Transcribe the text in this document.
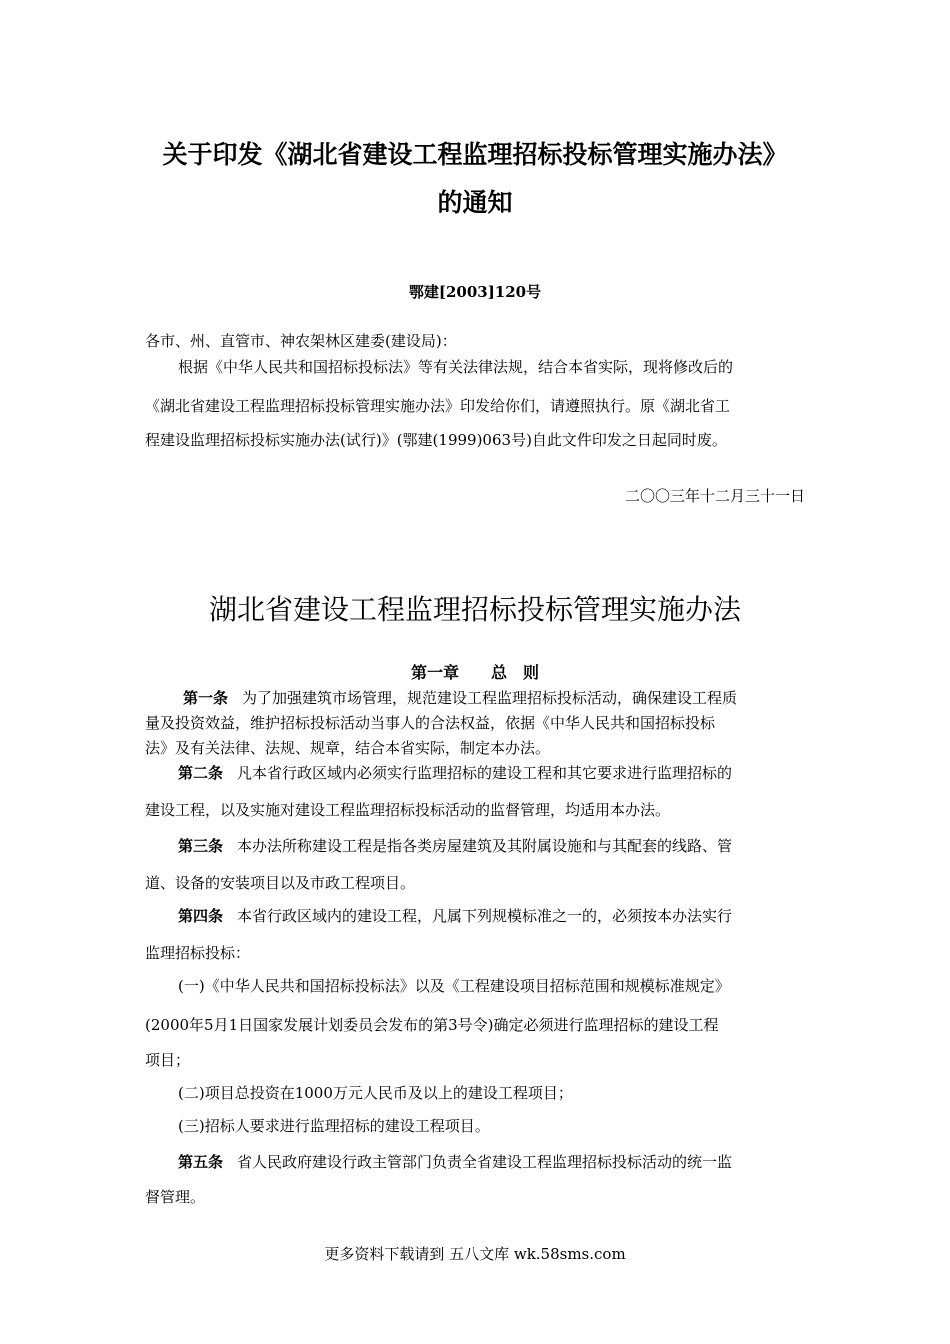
关于印发《湖北省建设工程监理招标投标管理实施办法》
的通知
鄂建[2003]120号
各市、州、直管市、神农架林区建委(建设局)：
根据《中华人民共和国招标投标法》等有关法律法规，结合本省实际，现将修改后的
《湖北省建设工程监理招标投标管理实施办法》印发给你们，请遵照执行。原《湖北省工
程建设监理招标投标实施办法(试行)》(鄂建(1999)063号)自此文件印发之日起同时废。
二〇〇三年十二月三十一日
湖北省建设工程监理招标投标管理实施办法
第一章　　总　则
第一条 为了加强建筑市场管理，规范建设工程监理招标投标活动，确保建设工程质
量及投资效益，维护招标投标活动当事人的合法权益，依据《中华人民共和国招标投标
法》及有关法律、法规、规章，结合本省实际，制定本办法。
第二条 凡本省行政区域内必须实行监理招标的建设工程和其它要求进行监理招标的
建设工程，以及实施对建设工程监理招标投标活动的监督管理，均适用本办法。
第三条 本办法所称建设工程是指各类房屋建筑及其附属设施和与其配套的线路、管
道、设备的安装项目以及市政工程项目。
第四条 本省行政区域内的建设工程，凡属下列规模标准之一的，必须按本办法实行
监理招标投标：
(一)《中华人民共和国招标投标法》以及《工程建设项目招标范围和规模标准规定》
(2000年5月1日国家发展计划委员会发布的第3号令)确定必须进行监理招标的建设工程
项目；
(二)项目总投资在1000万元人民币及以上的建设工程项目；
(三)招标人要求进行监理招标的建设工程项目。
第五条 省人民政府建设行政主管部门负责全省建设工程监理招标投标活动的统一监
督管理。
更多资料下载请到 五八文库 wk.58sms.com
